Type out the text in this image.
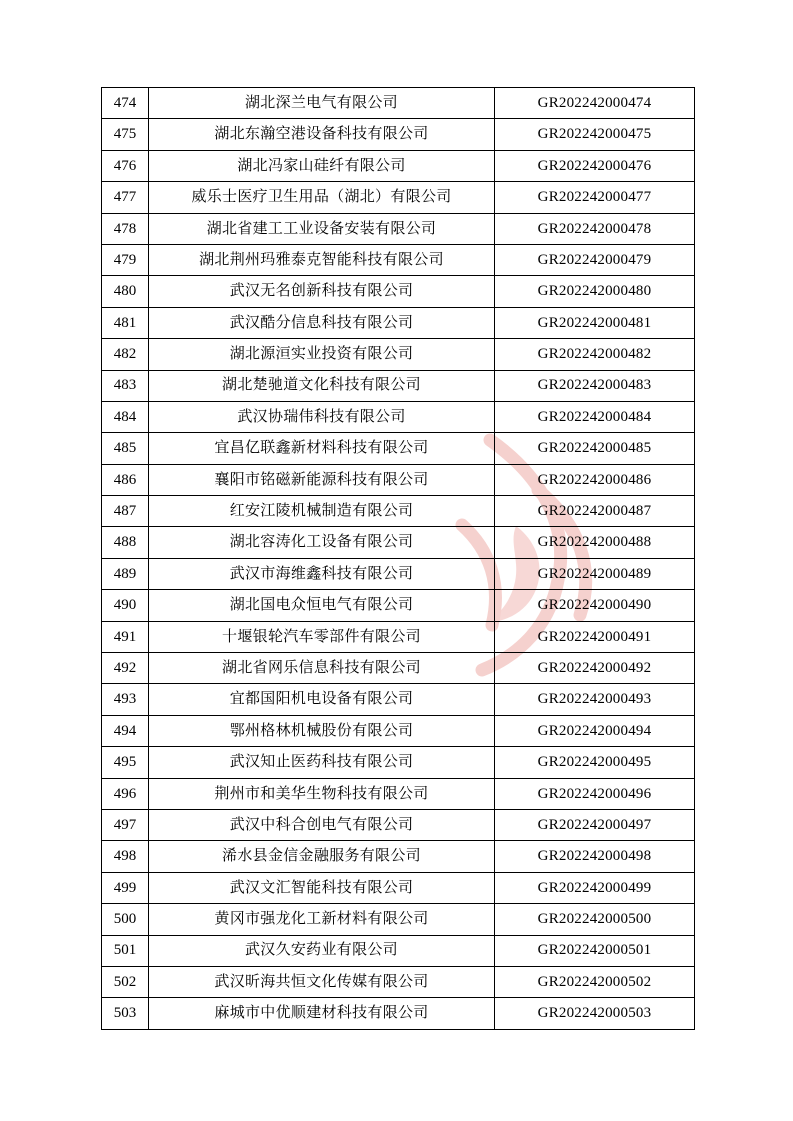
474	湖北深兰电气有限公司	GR202242000474
475	湖北东瀚空港设备科技有限公司	GR202242000475
476	湖北冯家山硅纤有限公司	GR202242000476
477	威乐士医疗卫生用品（湖北）有限公司	GR202242000477
478	湖北省建工工业设备安装有限公司	GR202242000478
479	湖北荆州玛雅泰克智能科技有限公司	GR202242000479
480	武汉无名创新科技有限公司	GR202242000480
481	武汉酷分信息科技有限公司	GR202242000481
482	湖北源洹实业投资有限公司	GR202242000482
483	湖北楚驰道文化科技有限公司	GR202242000483
484	武汉协瑞伟科技有限公司	GR202242000484
485	宜昌亿联鑫新材料科技有限公司	GR202242000485
486	襄阳市铭磁新能源科技有限公司	GR202242000486
487	红安江陵机械制造有限公司	GR202242000487
488	湖北容涛化工设备有限公司	GR202242000488
489	武汉市海维鑫科技有限公司	GR202242000489
490	湖北国电众恒电气有限公司	GR202242000490
491	十堰银轮汽车零部件有限公司	GR202242000491
492	湖北省网乐信息科技有限公司	GR202242000492
493	宜都国阳机电设备有限公司	GR202242000493
494	鄂州格林机械股份有限公司	GR202242000494
495	武汉知止医药科技有限公司	GR202242000495
496	荆州市和美华生物科技有限公司	GR202242000496
497	武汉中科合创电气有限公司	GR202242000497
498	浠水县金信金融服务有限公司	GR202242000498
499	武汉文汇智能科技有限公司	GR202242000499
500	黄冈市强龙化工新材料有限公司	GR202242000500
501	武汉久安药业有限公司	GR202242000501
502	武汉昕海共恒文化传媒有限公司	GR202242000502
503	麻城市中优顺建材科技有限公司	GR202242000503
